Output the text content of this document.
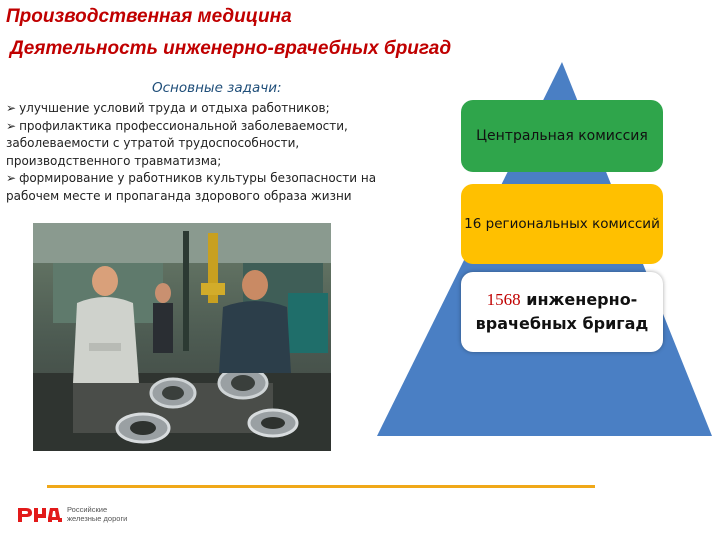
Производственная медицина
Деятельность инженерно-врачебных бригад
Основные задачи:
➢ улучшение условий труда и отдыха работников;
➢ профилактика профессиональной заболеваемости, заболеваемости с утратой трудоспособности, производственного травматизма;
➢ формирование у работников культуры безопасности на рабочем месте и пропаганда здорового образа жизни
Центральная комиссия
16 региональных комиссий
1568 инженерно-врачебных бригад
Российские
железные дороги
